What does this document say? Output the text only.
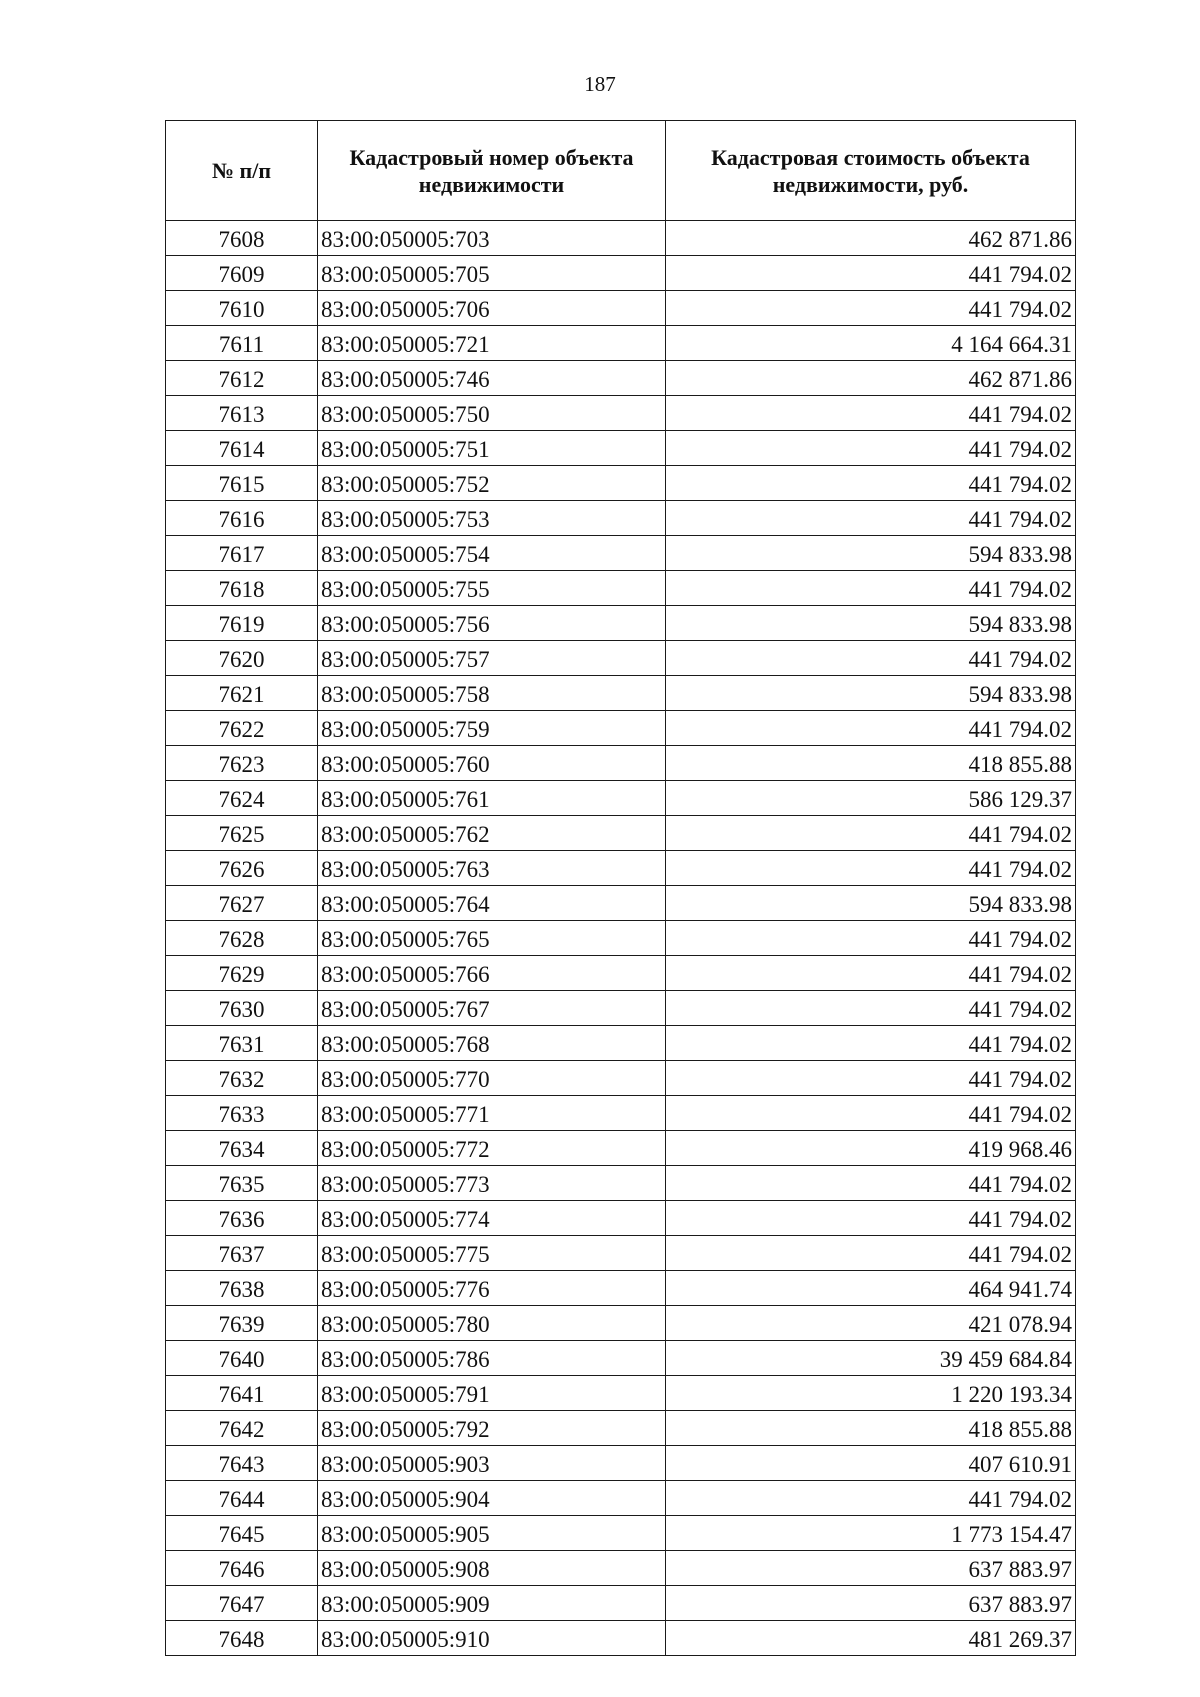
187
№ п/п	Кадастровый номер объекта недвижимости	Кадастровая стоимость объекта недвижимости, руб.
7608	83:00:050005:703	462 871.86
7609	83:00:050005:705	441 794.02
7610	83:00:050005:706	441 794.02
7611	83:00:050005:721	4 164 664.31
7612	83:00:050005:746	462 871.86
7613	83:00:050005:750	441 794.02
7614	83:00:050005:751	441 794.02
7615	83:00:050005:752	441 794.02
7616	83:00:050005:753	441 794.02
7617	83:00:050005:754	594 833.98
7618	83:00:050005:755	441 794.02
7619	83:00:050005:756	594 833.98
7620	83:00:050005:757	441 794.02
7621	83:00:050005:758	594 833.98
7622	83:00:050005:759	441 794.02
7623	83:00:050005:760	418 855.88
7624	83:00:050005:761	586 129.37
7625	83:00:050005:762	441 794.02
7626	83:00:050005:763	441 794.02
7627	83:00:050005:764	594 833.98
7628	83:00:050005:765	441 794.02
7629	83:00:050005:766	441 794.02
7630	83:00:050005:767	441 794.02
7631	83:00:050005:768	441 794.02
7632	83:00:050005:770	441 794.02
7633	83:00:050005:771	441 794.02
7634	83:00:050005:772	419 968.46
7635	83:00:050005:773	441 794.02
7636	83:00:050005:774	441 794.02
7637	83:00:050005:775	441 794.02
7638	83:00:050005:776	464 941.74
7639	83:00:050005:780	421 078.94
7640	83:00:050005:786	39 459 684.84
7641	83:00:050005:791	1 220 193.34
7642	83:00:050005:792	418 855.88
7643	83:00:050005:903	407 610.91
7644	83:00:050005:904	441 794.02
7645	83:00:050005:905	1 773 154.47
7646	83:00:050005:908	637 883.97
7647	83:00:050005:909	637 883.97
7648	83:00:050005:910	481 269.37
